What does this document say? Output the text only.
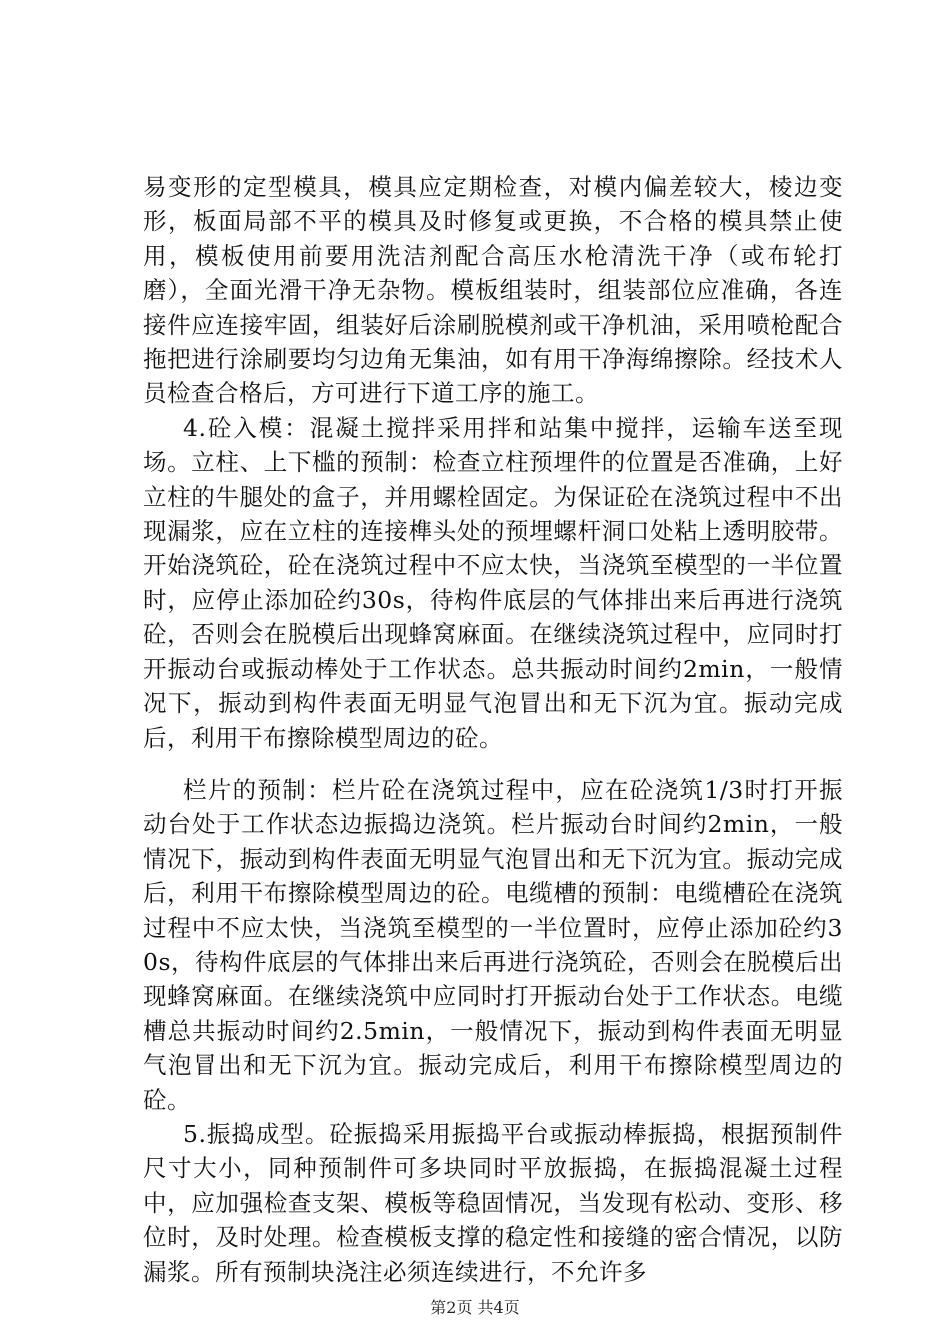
易变形的定型模具，模具应定期检查，对模内偏差较大，棱边变形，板面局部不平的模具及时修复或更换，不合格的模具禁止使用，模板使用前要用洗洁剂配合高压水枪清洗干净（或布轮打磨），全面光滑干净无杂物。模板组装时，组装部位应准确，各连接件应连接牢固，组装好后涂刷脱模剂或干净机油，采用喷枪配合拖把进行涂刷要均匀边角无集油，如有用干净海绵擦除。经技术人员检查合格后，方可进行下道工序的施工。

4.砼入模：混凝土搅拌采用拌和站集中搅拌，运输车送至现场。立柱、上下槛的预制：检查立柱预埋件的位置是否准确，上好立柱的牛腿处的盒子，并用螺栓固定。为保证砼在浇筑过程中不出现漏浆，应在立柱的连接榫头处的预埋螺杆洞口处粘上透明胶带。开始浇筑砼，砼在浇筑过程中不应太快，当浇筑至模型的一半位置时，应停止添加砼约30s，待构件底层的气体排出来后再进行浇筑砼，否则会在脱模后出现蜂窝麻面。在继续浇筑过程中，应同时打开振动台或振动棒处于工作状态。总共振动时间约2min，一般情况下，振动到构件表面无明显气泡冒出和无下沉为宜。振动完成后，利用干布擦除模型周边的砼。

栏片的预制：栏片砼在浇筑过程中，应在砼浇筑1/3时打开振动台处于工作状态边振捣边浇筑。栏片振动台时间约2min，一般情况下，振动到构件表面无明显气泡冒出和无下沉为宜。振动完成后，利用干布擦除模型周边的砼。电缆槽的预制：电缆槽砼在浇筑过程中不应太快，当浇筑至模型的一半位置时，应停止添加砼约30s，待构件底层的气体排出来后再进行浇筑砼，否则会在脱模后出现蜂窝麻面。在继续浇筑中应同时打开振动台处于工作状态。电缆槽总共振动时间约2.5min，一般情况下，振动到构件表面无明显气泡冒出和无下沉为宜。振动完成后，利用干布擦除模型周边的砼。

5.振捣成型。砼振捣采用振捣平台或振动棒振捣，根据预制件尺寸大小，同种预制件可多块同时平放振捣，在振捣混凝土过程中，应加强检查支架、模板等稳固情况，当发现有松动、变形、移位时，及时处理。检查模板支撑的稳定性和接缝的密合情况，以防漏浆。所有预制块浇注必须连续进行，不允许多

第2页 共4页
